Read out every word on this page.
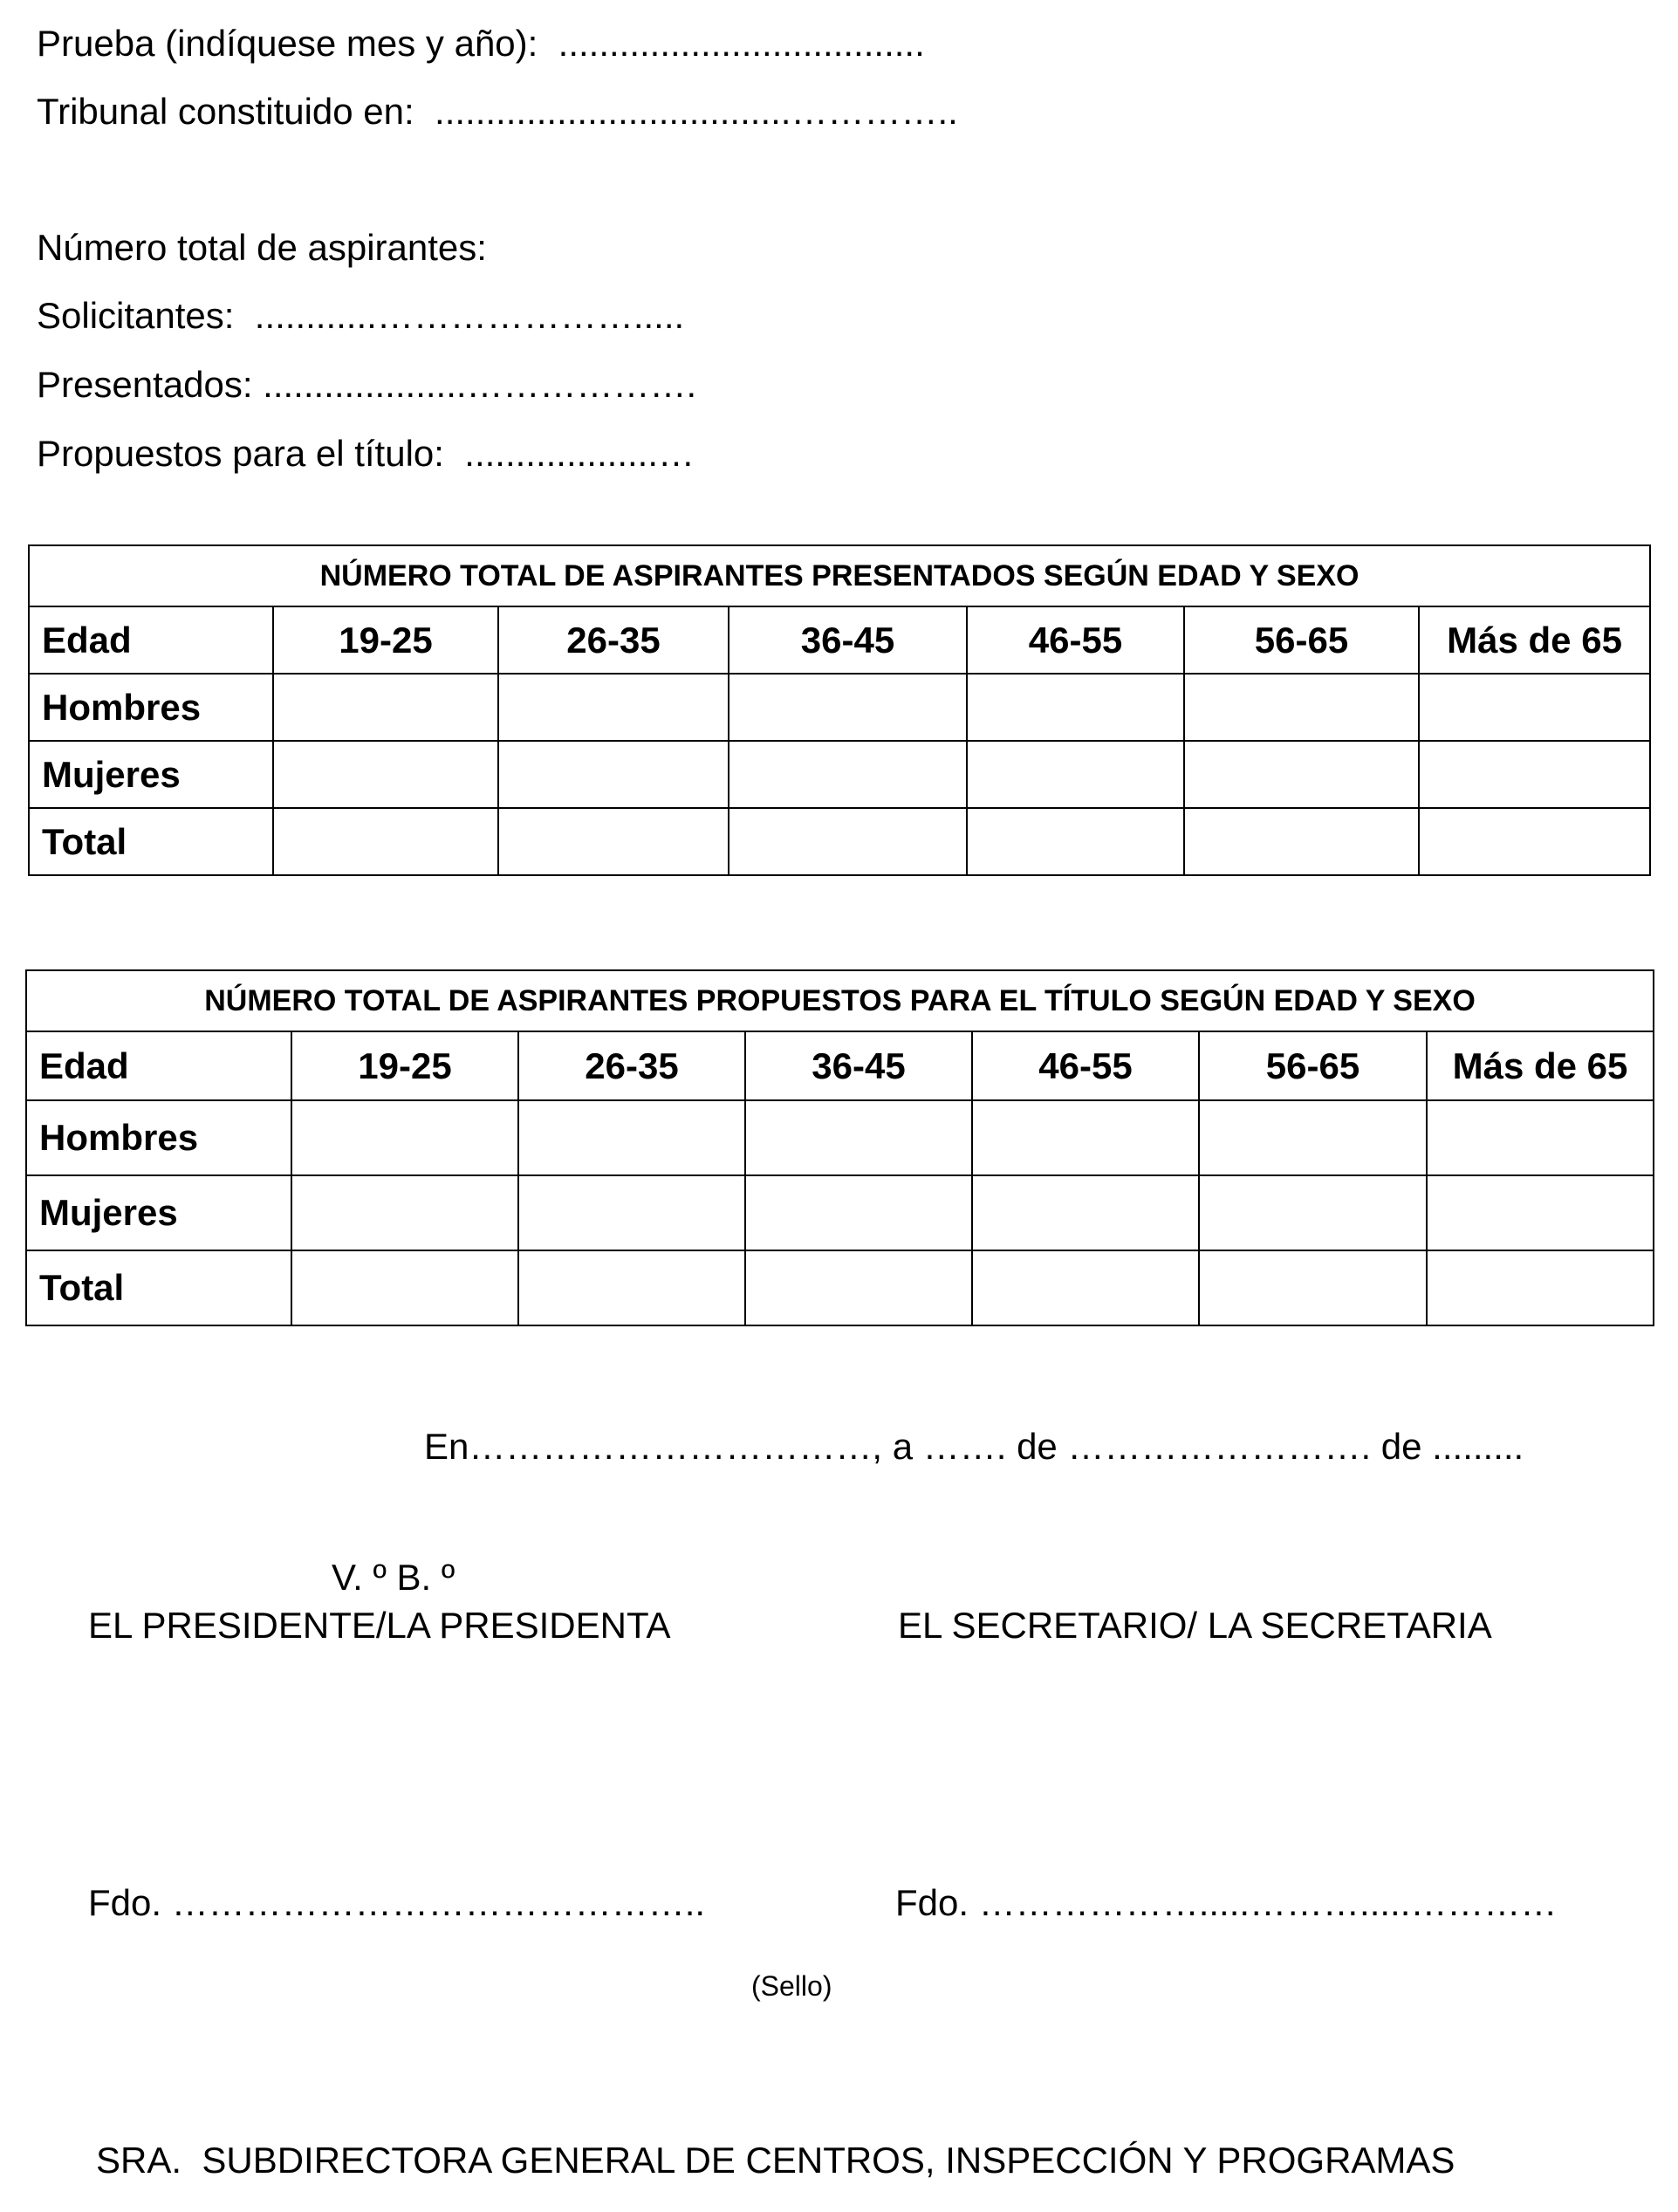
Prueba (indíquese mes y año):  ....................................
Tribunal constituido en:  ...................................…………..
Número total de aspirantes:
Solicitantes:  ............………………….....
Presentados: ....................……………….
Propuestos para el título:  ...................…
NÚMERO TOTAL DE ASPIRANTES PRESENTADOS SEGÚN EDAD Y SEXO						
Edad	19-25	26-35	36-45	46-55	56-65	Más de 65
Hombres						
Mujeres						
Total						
NÚMERO TOTAL DE ASPIRANTES PROPUESTOS PARA EL TÍTULO SEGÚN EDAD Y SEXO						
Edad	19-25	26-35	36-45	46-55	56-65	Más de 65
Hombres						
Mujeres						
Total						
En……………………………, a ……. de ……………………. de .........
V. º B. º
EL PRESIDENTE/LA PRESIDENTA	EL SECRETARIO/ LA SECRETARIA
Fdo. ……………………………………..	Fdo. ……………….....……….....…………
(Sello)
SRA.  SUBDIRECTORA GENERAL DE CENTROS, INSPECCIÓN Y PROGRAMAS
